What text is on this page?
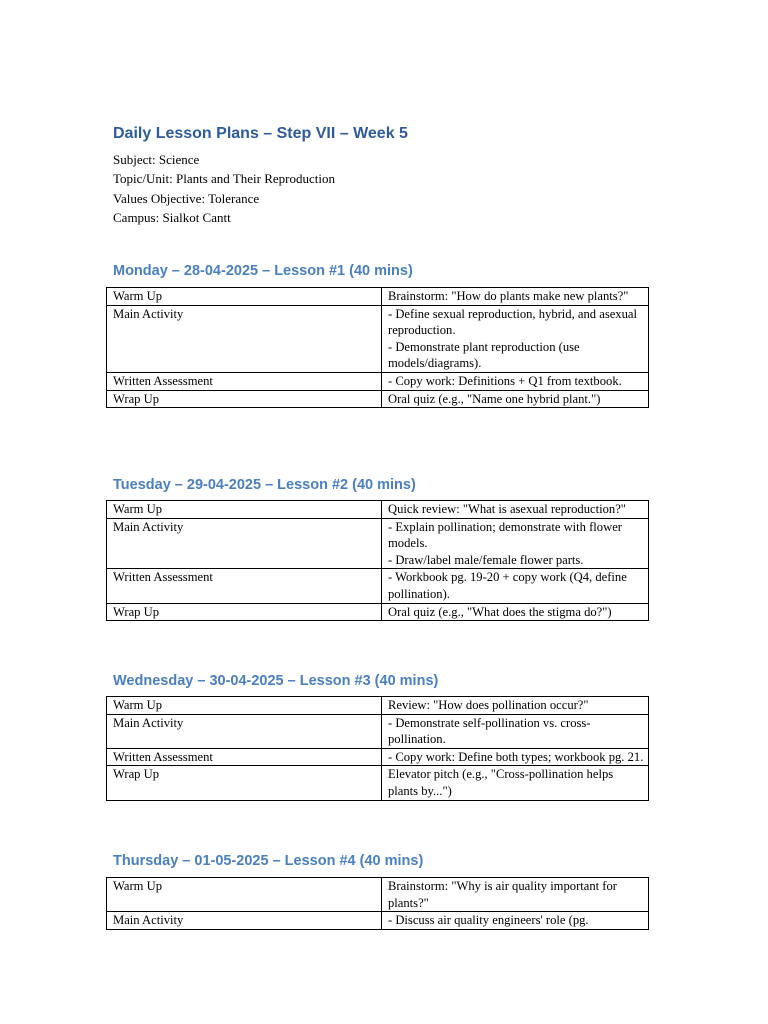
Daily Lesson Plans – Step VII – Week 5
Subject: Science
Topic/Unit: Plants and Their Reproduction
Values Objective: Tolerance
Campus: Sialkot Cantt
Monday – 28-04-2025 – Lesson #1 (40 mins)
Warm Up	Brainstorm: "How do plants make new plants?"

Main Activity	- Define sexual reproduction, hybrid, and asexual reproduction.
- Demonstrate plant reproduction (use models/diagrams).

Written Assessment	- Copy work: Definitions + Q1 from textbook.

Wrap Up	Oral quiz (e.g., "Name one hybrid plant.")
Tuesday – 29-04-2025 – Lesson #2 (40 mins)
Warm Up	Quick review: "What is asexual reproduction?"

Main Activity	- Explain pollination; demonstrate with flower models.
- Draw/label male/female flower parts.

Written Assessment	- Workbook pg. 19-20 + copy work (Q4, define pollination).

Wrap Up	Oral quiz (e.g., "What does the stigma do?")
Wednesday – 30-04-2025 – Lesson #3 (40 mins)
Warm Up	Review: "How does pollination occur?"

Main Activity	- Demonstrate self-pollination vs. cross-pollination.

Written Assessment	- Copy work: Define both types; workbook pg. 21.

Wrap Up	Elevator pitch (e.g., "Cross-pollination helps plants by...")
Thursday – 01-05-2025 – Lesson #4 (40 mins)
Warm Up	Brainstorm: "Why is air quality important for plants?"

Main Activity	- Discuss air quality engineers' role (pg.
